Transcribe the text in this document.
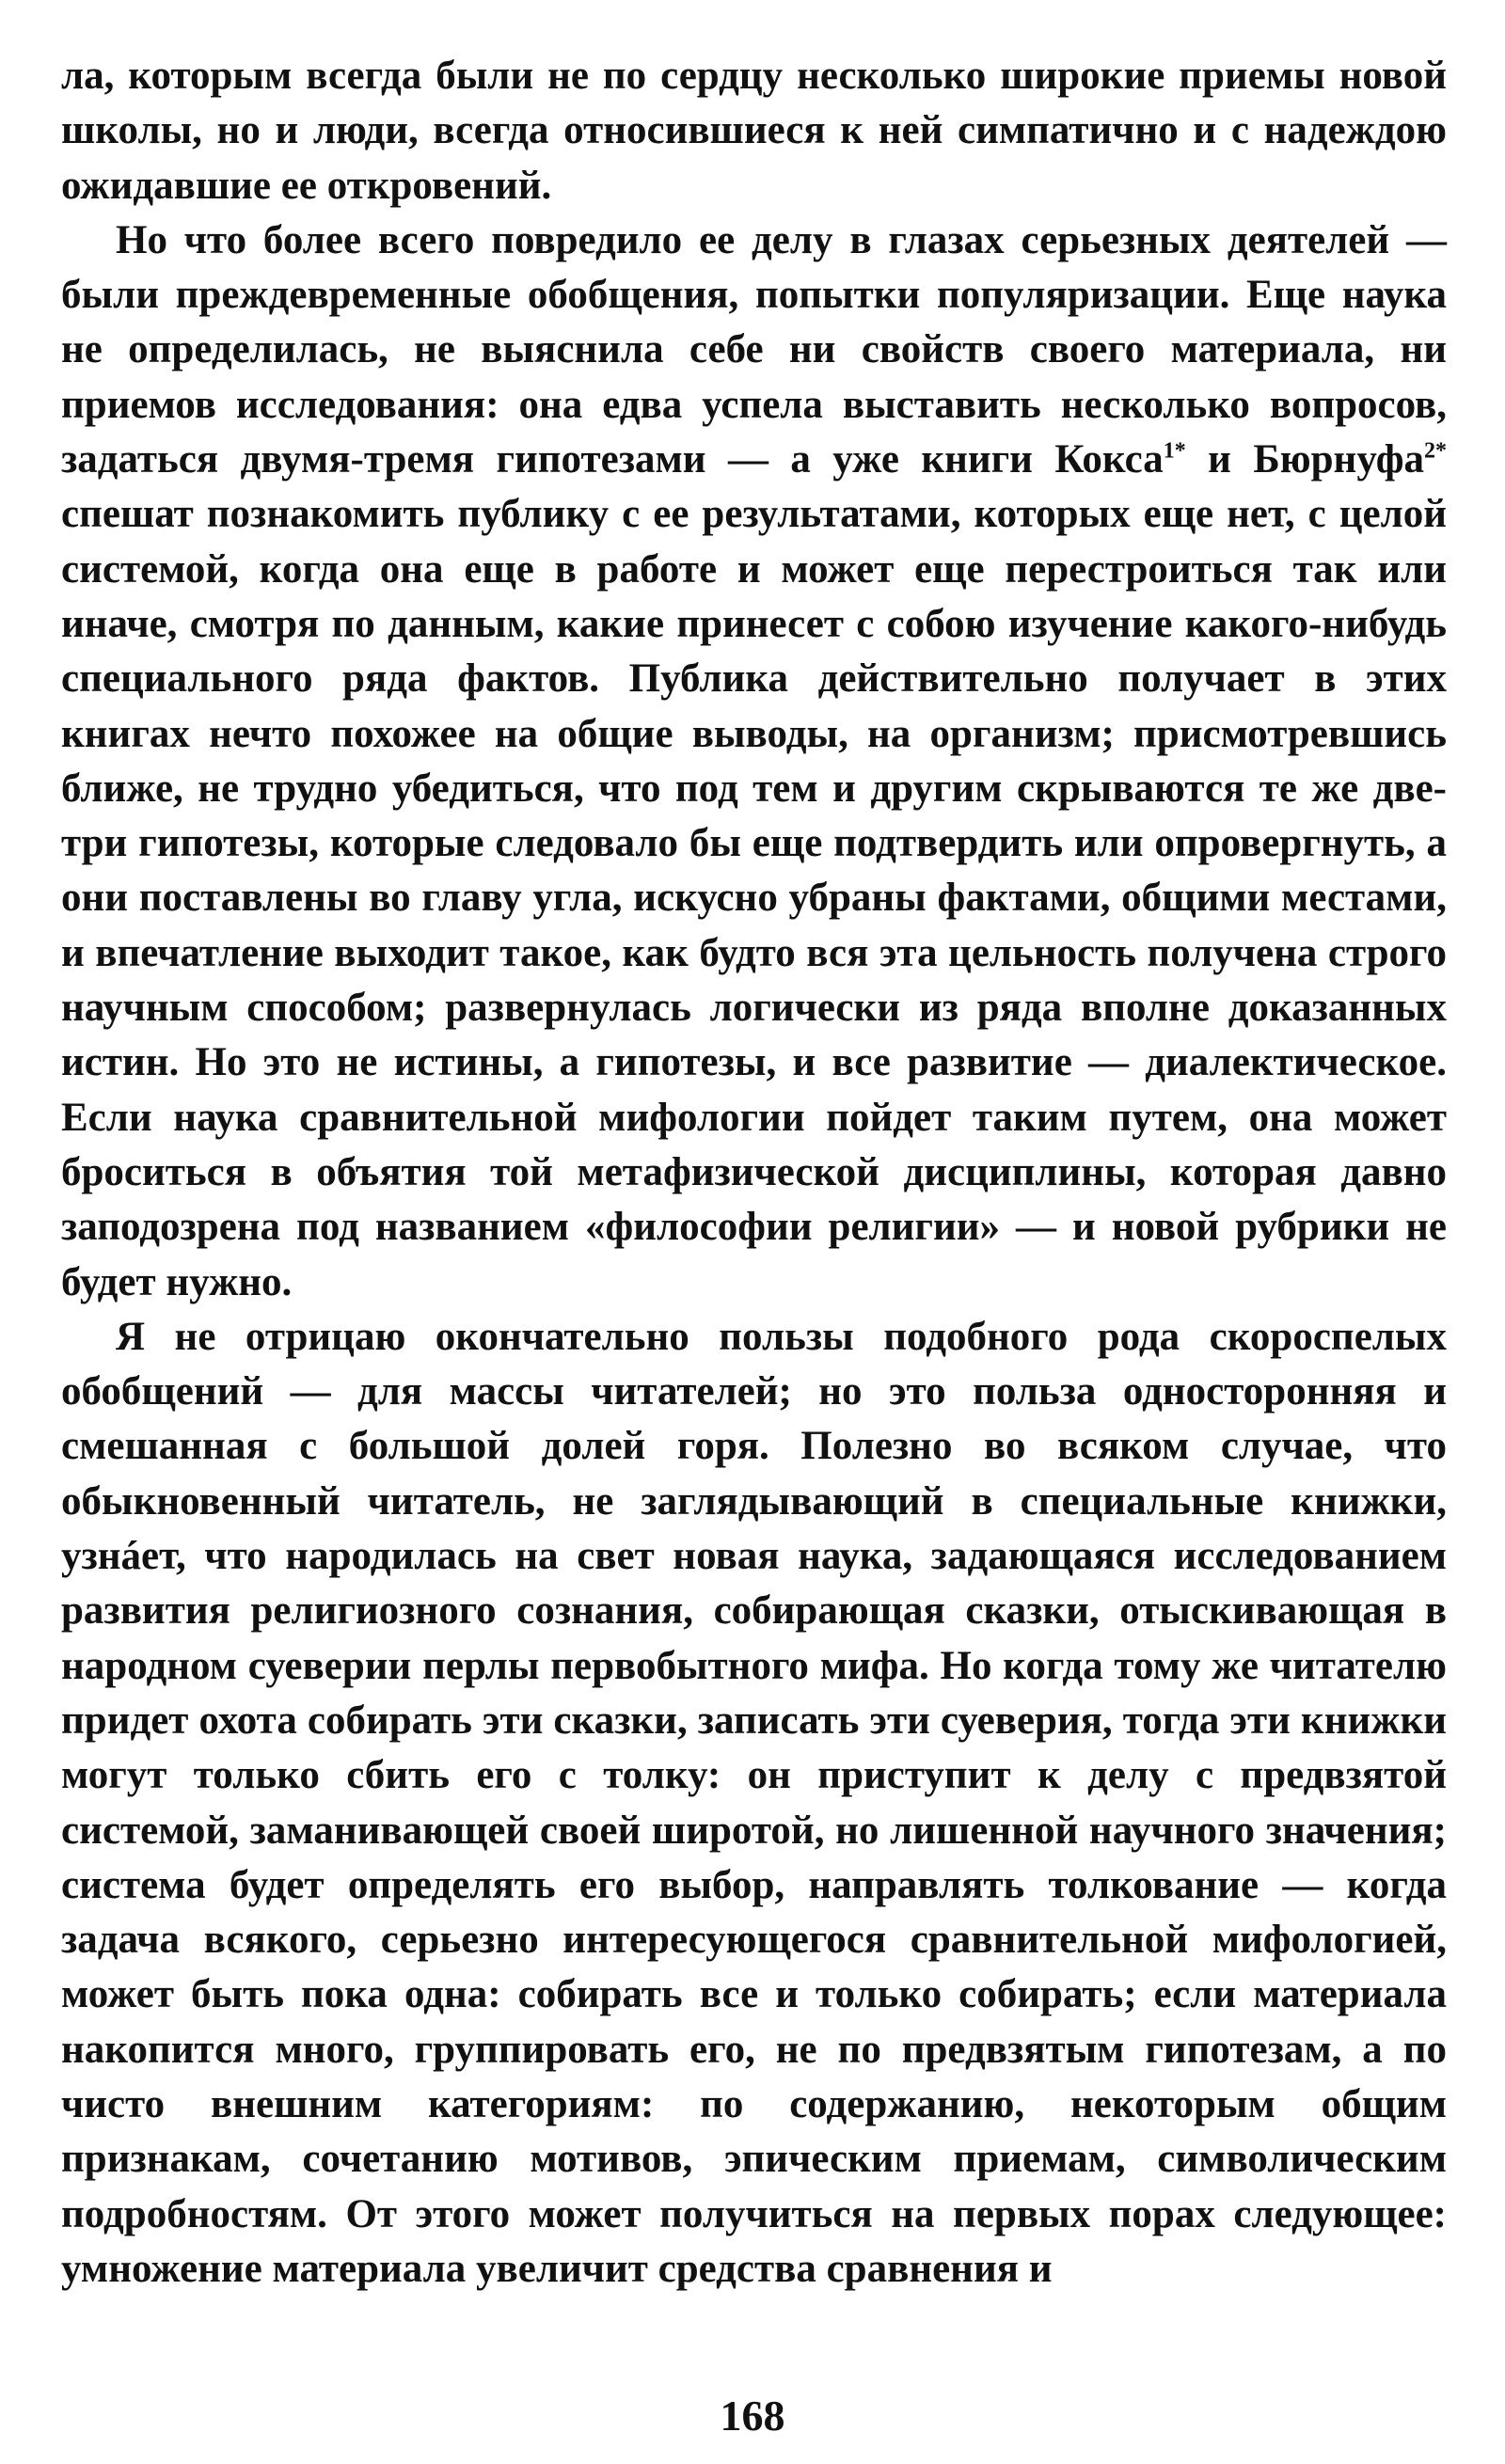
ла, которым всегда были не по сердцу несколько широкие приемы новой школы, но и люди, всегда относившиеся к ней симпатично и с надеждою ожидавшие ее откровений.

Но что более всего повредило ее делу в глазах серьезных деятелей — были преждевременные обобщения, попытки популяризации. Еще наука не определилась, не выяснила себе ни свойств своего материала, ни приемов исследования: она едва успела выставить несколько вопросов, задаться двумя-тремя гипотезами — а уже книги Кокса$^{1*}$ и Бюрнуфа$^{2*}$ спешат познакомить публику с ее результатами, которых еще нет, с целой системой, когда она еще в работе и может еще перестроиться так или иначе, смотря по данным, какие принесет с собою изучение какого-нибудь специального ряда фактов. Публика действительно получает в этих книгах нечто похожее на общие выводы, на организм; присмотревшись ближе, не трудно убедиться, что под тем и другим скрываются те же две-три гипотезы, которые следовало бы еще подтвердить или опровергнуть, а они поставлены во главу угла, искусно убраны фактами, общими местами, и впечатление выходит такое, как будто вся эта цельность получена строго научным способом; развернулась логически из ряда вполне доказанных истин. Но это не истины, а гипотезы, и все развитие — диалектическое. Если наука сравнительной мифологии пойдет таким путем, она может броситься в объятия той метафизической дисциплины, которая давно заподозрена под названием «философии религии» — и новой рубрики не будет нужно.

Я не отрицаю окончательно пользы подобного рода скороспелых обобщений — для массы читателей; но это польза односторонняя и смешанная с большой долей горя. Полезно во всяком случае, что обыкновенный читатель, не заглядывающий в специальные книжки, узнáет, что народилась на свет новая наука, задающаяся исследованием развития религиозного сознания, собирающая сказки, отыскивающая в народном суеверии перлы первобытного мифа. Но когда тому же читателю придет охота собирать эти сказки, записать эти суеверия, тогда эти книжки могут только сбить его с толку: он приступит к делу с предвзятой системой, заманивающей своей широтой, но лишенной научного значения; система будет определять его выбор, направлять толкование — когда задача всякого, серьезно интересующегося сравнительной мифологией, может быть пока одна: собирать все и только собирать; если материала накопится много, группировать его, не по предвзятым гипотезам, а по чисто внешним категориям: по содержанию, некоторым общим признакам, сочетанию мотивов, эпическим приемам, символическим подробностям. От этого может получиться на первых порах следующее: умножение материала увеличит средства сравнения и

168
